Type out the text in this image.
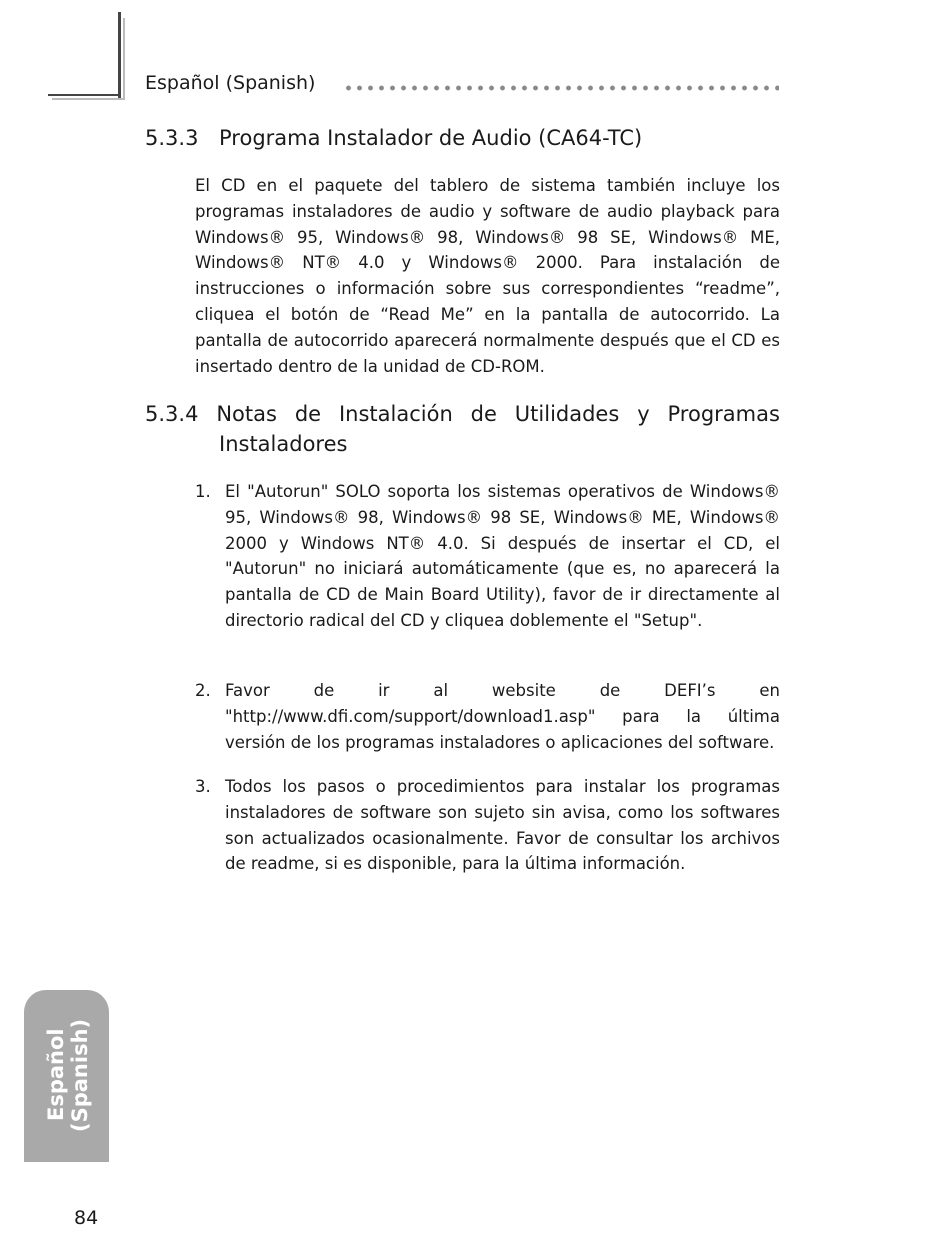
Español (Spanish)
5.3.3 Programa Instalador de Audio (CA64-TC)
El CD en el paquete del tablero de sistema también incluye los programas instaladores de audio y software de audio playback para Windows® 95, Windows® 98, Windows® 98 SE, Windows® ME, Windows® NT® 4.0 y Windows® 2000. Para instalación de instrucciones o información sobre sus correspondientes “readme”, cliquea el botón de “Read Me” en la pantalla de autocorrido. La pantalla de autocorrido aparecerá normalmente después que el CD es insertado dentro de la unidad de CD-ROM.
5.3.4 Notas de Instalación de Utilidades y Programas
Instaladores
1. El "Autorun" SOLO soporta los sistemas operativos de Windows® 95, Windows® 98, Windows® 98 SE, Windows® ME, Windows® 2000 y Windows NT® 4.0. Si después de insertar el CD, el "Autorun" no iniciará automáticamente (que es, no aparecerá la pantalla de CD de Main Board Utility), favor de ir directamente al directorio radical del CD y cliquea doblemente el "Setup".
2. Favor de ir al website de DEFI’s en "http://www.dfi.com/support/download1.asp" para la última versión de los programas instaladores o aplicaciones del software.
3. Todos los pasos o procedimientos para instalar los programas instaladores de software son sujeto sin avisa, como los softwares son actualizados ocasionalmente. Favor de consultar los archivos de readme, si es disponible, para la última información.
Español (Spanish)
84
